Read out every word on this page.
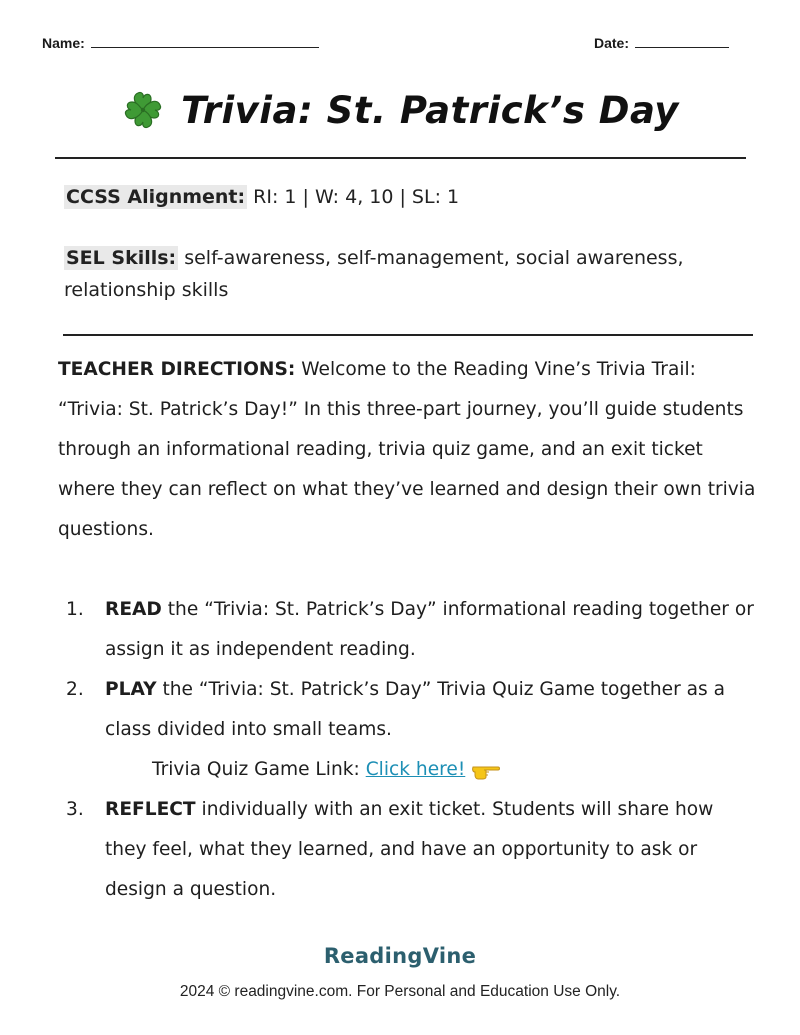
Name:	Date:
Trivia: St. Patrick’s Day
CCSS Alignment: RI: 1 | W: 4, 10 | SL: 1
SEL Skills: self-awareness, self-management, social awareness, relationship skills
TEACHER DIRECTIONS: Welcome to the Reading Vine’s Trivia Trail: “Trivia: St. Patrick’s Day!” In this three-part journey, you’ll guide students through an informational reading, trivia quiz game, and an exit ticket where they can reflect on what they’ve learned and design their own trivia questions.
1. READ the “Trivia: St. Patrick’s Day” informational reading together or assign it as independent reading.
2. PLAY the “Trivia: St. Patrick’s Day” Trivia Quiz Game together as a class divided into small teams.
Trivia Quiz Game Link: Click here!
3. REFLECT individually with an exit ticket. Students will share how they feel, what they learned, and have an opportunity to ask or design a question.
ReadingVine
2024 © readingvine.com. For Personal and Education Use Only.
